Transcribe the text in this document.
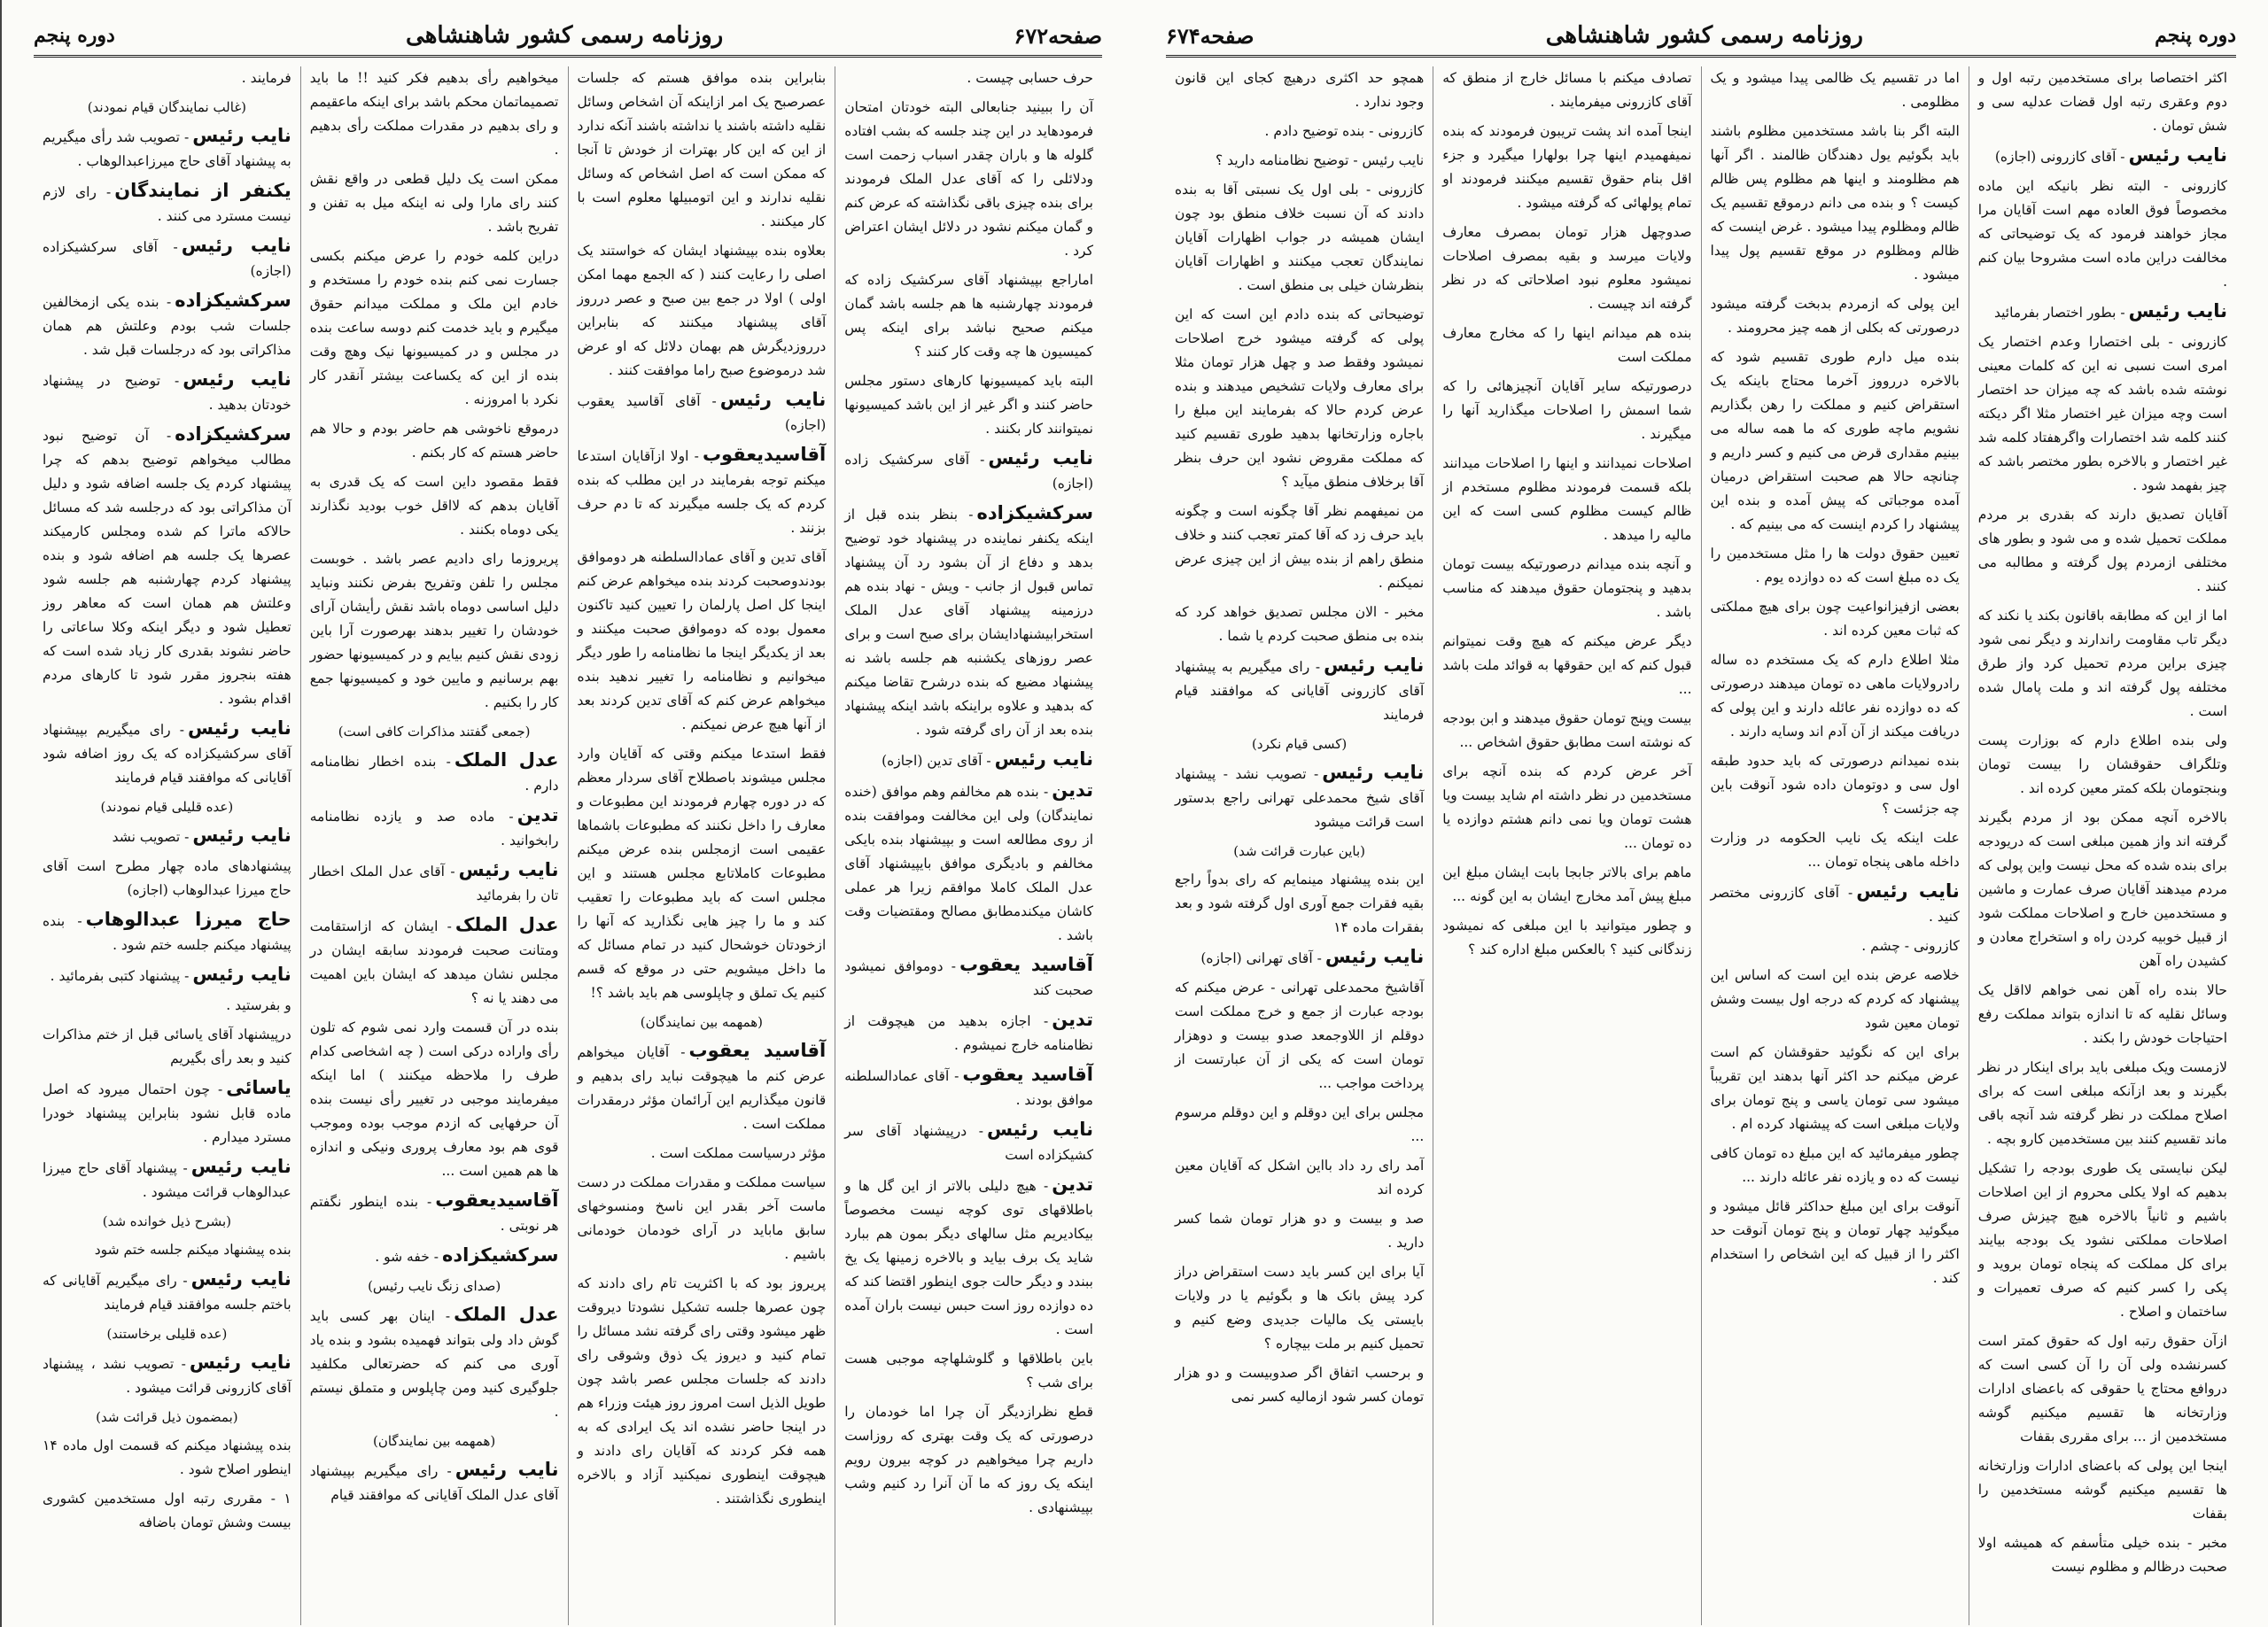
صفحه۶۷۲
روزنامه رسمی کشور شاهنشاهی
دوره پنجم

حرف حسابی چیست .

آن را ببینید جنابعالی البته خودتان امتحان فرمودهاید در این چند جلسه که بشب افتاده گلوله ها و باران چقدر اسباب زحمت است ودلائلی را که آقای عدل الملک فرمودند برای بنده چیزی باقی نگذاشته که عرض کنم و گمان میکنم نشود در دلائل ایشان اعتراض کرد .

اماراجع بپیشنهاد آقای سرکشیک زاده که فرمودند چهارشنبه ها هم جلسه باشد گمان میکنم صحیح نباشد برای اینکه پس کمیسیون ها چه وقت کار کنند ؟

البته باید کمیسیونها کارهای دستور مجلس حاضر کنند و اگر غیر از این باشد کمیسیونها نمیتوانند کار بکنند .

نایب رئیس- آقای سرکشیک زاده (اجازه)

سرکشیکزاده- بنظر بنده قبل از اینکه یکنفر نماینده در پیشنهاد خود توضیح بدهد و دفاع از آن بشود رد آن پیشنهاد تماس قبول از جانب - ویش - نهاد بنده هم درزمینه پیشنهاد آقای عدل الملک استخرابیشنهادایشان برای صبح است و برای عصر روزهای یکشنبه هم جلسه باشد نه پیشنهاد مضیع که بنده درشرح تقاضا میکنم که بدهید و علاوه براینکه باشد اینکه پیشنهاد بنده بعد از آن رای گرفته شود .

نایب رئیس- آقای تدین (اجازه)

تدین- بنده هم مخالفم وهم موافق (خنده نمایندگان) ولی این مخالفت وموافقت بنده از روی مطالعه است و بپیشنهاد بنده بایکی مخالفم و بادیگری موافق بایپیشنهاد آقای عدل الملک کاملا موافقم زیرا هر عملی کاشان میکندمطابق مصالح ومقتضیات وقت باشد .

آقاسید یعقوب- دوموافق نمیشود صحبت کند

تدین- اجازه بدهید من هیچوقت از نظامنامه خارج نمیشوم .

آقاسید یعقوب- آقای عمادالسلطنه موافق بودند .

نایب رئیس- درپیشنهاد آقای سر کشیکزاده است

تدین- هیچ دلیلی بالاتر از این گل ها و باطلاقهای توی کوچه نیست مخصوصاً بیکادیریم مثل سالهای دیگر بمون هم ببارد شاید یک برف بیاید و بالاخره زمینها یک یخ ببندد و دیگر حالت جوی اینطور اقتضا کند که ده دوازده روز است حبس نیست باران آمده است .

باین باطلاقها و گلوشلهاچه موجبی هست برای شب ؟

قطع نظرازدیگر آن چرا اما خودمان را درصورتی که یک وقت بهتری که روزاست داریم چرا میخواهیم در کوچه بیرون رویم اینکه یک روز که ما آن آنرا رد کنیم وشب بپیشنهادی .

بنابراین بنده موافق هستم که جلسات عصرصبح یک امر ازاینکه آن اشخاص وسائل نقلیه داشته باشند یا نداشته باشند آنکه ندارد از این که این کار بهترات از خودش تا آنجا که ممکن است که اصل اشخاص که وسائل نقلیه ندارند و این اتومبیلها معلوم است با کار میکنند .

بعلاوه بنده بپیشنهاد ایشان که خواستند یک اصلی را رعایت کنند ( که الجمع مهما امکن اولی ) اولا در جمع بین صبح و عصر درروز آقای پیشنهاد میکنند که بنابراین درروزدیگرش هم بهمان دلائل که او عرض شد درموضوع صبح راما موافقت کنند .

نایب رئیس- آقای آقاسید یعقوب (اجازه)

آقاسیدیعقوب- اولا ازآقایان استدعا میکنم توجه بفرمایند در این مطلب که بنده کردم که یک جلسه میگیرند که تا دم حرف بزنند .

آقای تدین و آقای عمادالسلطنه هر دوموافق بودندوصحبت کردند بنده میخواهم عرض کنم اینجا کل اصل پارلمان را تعیین کنید تاکنون معمول بوده که دوموافق صحبت میکنند و بعد از یکدیگر اینجا ما نظامنامه را طور دیگر میخوانیم و نظامنامه را تغییر ندهید بنده میخواهم عرض کنم که آقای تدین کردند بعد از آنها هیچ عرض نمیکنم .

فقط استدعا میکنم وقتی که آقایان وارد مجلس میشوند باصطلاح آقای سردار معظم که در دوره چهارم فرمودند این مطبوعات و معارف را داخل نکنند که مطبوعات باشماها عقیمی است ازمجلس بنده عرض میکنم مطبوعات کاملاتابع مجلس هستند و این مجلس است که باید مطبوعات را تعقیب کند و ما را چیز هایی نگذارید که آنها را ازخودتان خوشحال کنید در تمام مسائل که ما داخل میشویم حتی در موقع که قسم کنیم یک تملق و چاپلوسی هم باید باشد ؟!

(همهمه بین نمایندگان)

آقاسید یعقوب- آقایان میخواهم عرض کنم ما هیچوقت نباید رای بدهیم و قانون میگذاریم این آرائمان مؤثر درمقدرات مملکت است .

مؤثر درسیاست مملکت است .

سیاست مملکت و مقدرات مملکت در دست ماست آخر بقدر این ناسخ ومنسوخهای سابق مابايد در آرای خودمان خودمانی باشیم .

پریروز بود که با اکثریت تام رای دادند که چون عصرها جلسه تشکیل نشودتا دیروقت ظهر میشود وقتی رای گرفته نشد مسائل را تمام کنید و دیروز یک ذوق وشوقی رای دادند که جلسات مجلس عصر باشد چون طویل الذیل است امروز روز هیئت وزراء هم در اینجا حاضر نشده اند یک ایرادی که به همه فکر کردند که آقایان رای دادند و هیچوقت اینطوری نمیکنید آزاد و بالاخره اینطوری نگذاشتند .

میخواهیم رأی بدهیم فکر کنید !! ما باید تصمیماتمان محکم باشد برای اینکه ماعقیمم و رای بدهیم در مقدرات مملکت رأی بدهیم .

ممکن است یک دلیل قطعی در واقع نقش کنند رای مارا ولی نه اینکه میل به تفنن و تفریح باشد .

دراین کلمه خودم را عرض میکنم بکسی جسارت نمی کنم بنده خودم را مستخدم و خادم این ملک و مملکت میدانم حقوق میگیرم و باید خدمت کنم دوسه ساعت بنده در مجلس و در کمیسیونها نیک وهچ وقت بنده از این که یکساعت بیشتر آنقدر کار نکرد با امروزنه .

درموقع ناخوشی هم حاضر بودم و حالا هم حاضر هستم که کار بکنم .

فقط مقصود داین است که یک قدری به آقایان بدهم که لااقل خوب بودید نگذارند یکی دوماه بکنند .

پریروزما رای دادیم عصر باشد . خوبست مجلس را تلفن وتفریح بفرض نکنند ونباید دلیل اساسی دوماه باشد نقش رأیشان آرای خودشان را تغییر بدهند بهرصورت آرا باین زودی نقش کنیم بیایم و در کمیسیونها حضور بهم برسانیم و مایین خود و کمیسیونها جمع کار را بکنیم .

(جمعی گفتند مذاکرات کافی است)

عدل الملک- بنده اخطار نظامنامه دارم .

تدین- ماده صد و یازده نظامنامه رابخوانید .

نایب رئیس- آقای عدل الملک اخطار تان را بفرمائید

عدل الملک- ایشان که ازاستقامت ومتانت صحبت فرمودند سابقه ایشان در مجلس نشان میدهد که ایشان باین اهمیت می دهند یا نه ؟

بنده در آن قسمت وارد نمی شوم که تلون رأی واراده درکی است ( چه اشخاصی کدام طرف را ملاحظه میکنند ) اما اینکه میفرمایند موجبی در تغییر رأی نیست بنده آن حرفهایی که ازدم موجب بوده وموجب قوی هم بود معارف پروری ونیکی و اندازه ها هم همین است ...

آقاسیدیعقوب- بنده اینطور نگفتم هر نوبتی .

سرکشیکزاده- خفه شو .

(صدای زنگ نایب رئیس)

عدل الملک- اینان بهر کسی باید گوش داد ولی بتواند فهمیده بشود و بنده یاد آوری می کنم که حضرتعالی مکلفید جلوگیری کنید ومن چاپلوس و متملق نیستم .

(همهمه بین نمایندگان)

نایب رئیس- رای میگیریم بپیشنهاد آقای عدل الملک آقایانی که موافقند قیام

فرمایند .

(غالب نمایندگان قیام نمودند)

نایب رئیس- تصویب شد رأی میگیریم به پیشنهاد آقای حاج میرزاعبدالوهاب .

یکنفر از نمایندگان- رای لازم نیست مسترد می کنند .

نایب رئیس- آقای سرکشیکزاده (اجازه)

سرکشیکزاده- بنده یکی ازمخالفین جلسات شب بودم وعلتش هم همان مذاکراتی بود که درجلسات قبل شد .

نایب رئیس- توضیح در پیشنهاد خودتان بدهید .

سرکشیکزاده- آن توضیح نبود مطالب میخواهم توضیح بدهم که چرا پیشنهاد کردم یک جلسه اضافه شود و دلیل آن مذاکراتی بود که درجلسه شد که مسائل حالاکه ماترا کم شده ومجلس کارمیکند عصرها یک جلسه هم اضافه شود و بنده پیشنهاد کردم چهارشنبه هم جلسه شود وعلتش هم همان است که معاهر روز تعطیل شود و دیگر اینکه وکلا ساعاتی را حاضر نشوند بقدری کار زیاد شده است که هفته بنجروز مقرر شود تا کارهای مردم اقدام بشود .

نایب رئیس- رای میگیریم بپیشنهاد آقای سرکشیکزاده که یک روز اضافه شود آقایانی که موافقند قیام فرمایند

(عده قلیلی قیام نمودند)

نایب رئیس- تصویب نشد

پیشنهادهای ماده چهار مطرح است آقای حاج میرزا عبدالوهاب (اجازه)

حاج میرزا عبدالوهاب- بنده پیشنهاد میکنم جلسه ختم شود .

نایب رئیس- پیشنهاد کتبی بفرمائید .

و بفرستید .

درپیشنهاد آقای یاسائی قبل از ختم مذاکرات کنید و بعد رأی بگیریم

یاسائی- چون احتمال میرود که اصل ماده قابل نشود بنابراین پیشنهاد خودرا مسترد میدارم .

نایب رئیس- پیشنهاد آقای حاج میرزا عبدالوهاب قرائت میشود .

(بشرح ذیل خوانده شد)

بنده پیشنهاد میکنم جلسه ختم شود

نایب رئیس- رای میگیریم آقایانی که باختم جلسه موافقند قیام فرمایند

(عده قلیلی برخاستند)

نایب رئیس- تصویب نشد ، پیشنهاد آقای کازرونی قرائت میشود .

(بمضمون ذیل قرائت شد)

بنده پیشنهاد میکنم که قسمت اول ماده ۱۴ اینطور اصلاح شود .

۱ - مقرری رتبه اول مستخدمین کشوری بیست وشش تومان باضافه

دوره پنجم
روزنامه رسمی کشور شاهنشاهی
صفحه۶۷۴

اکثر اختصاصا برای مستخدمین رتبه اول و دوم وعقری رتبه اول قضات عدلیه سی و شش تومان .

نایب رئیس- آقای کازرونی (اجازه)

کازرونی - البته نظر بانیکه این ماده مخصوصاً فوق العاده مهم است آقایان مرا مجاز خواهند فرمود که یک توضیحاتی که مخالفت دراین ماده است مشروحا بیان کنم .

نایب رئیس- بطور اختصار بفرمائید

کازرونی - بلی اختصارا وعدم اختصار یک امری است نسبی نه این که کلمات معینی نوشته شده باشد که چه میزان حد اختصار است وچه میزان غیر اختصار مثلا اگر دیکته کنند کلمه شد اختصارات واگرهفتاد کلمه شد غیر اختصار و بالاخره بطور مختصر باشد که چیز بفهمد شود .

آقایان تصدیق دارند که بقدری بر مردم مملکت تحمیل شده و می شود و بطور های مختلفی ازمردم پول گرفته و مطالبه می کنند .

اما از این که مطابقه باقانون بکند یا نکند که دیگر تاب مقاومت راندارند و دیگر نمی شود چیزی براین مردم تحمیل کرد واز طرق مختلفه پول گرفته اند و ملت پامال شده است .

ولی بنده اطلاع دارم که بوزارت پست وتلگراف حقوقشان را بیست تومان وبنجتومان بلکه کمتر معین کرده اند .

بالاخره آنچه ممکن بود از مردم بگیرند گرفته اند واز همین مبلغی است که دریودجه برای بنده شده که محل نیست واین پولی که مردم میدهند آقایان صرف عمارت و ماشین و مستخدمین خارج و اصلاحات مملکت شود از قبیل خوبیه کردن راه و استخراج معادن و کشیدن راه آهن

حالا بنده راه آهن نمی خواهم لااقل یک وسائل نقلیه که تا اندازه بتواند مملکت رفع احتیاجات خودش را بکند .

لازمست ویک مبلغی باید برای اینکار در نظر بگیرند و بعد ازآنکه مبلغی است که برای اصلاح مملکت در نظر گرفته شد آنچه باقی ماند تقسیم کنند بین مستخدمین کارو بچه .

لیکن نبایستی یک طوری بودجه را تشکیل بدهیم که اولا یکلی محروم از این اصلاحات باشیم و ثانیاً بالاخره هیچ چیزش صرف اصلاحات مملکتی نشود یک بودجه بیایند برای کل مملکت که پنجاه تومان بروید و پکی را کسر کنیم که صرف تعمیرات و ساختمان و اصلاح .

ازآن حقوق رتبه اول که حقوق کمتر است کسرنشده ولی آن را آن کسی است که دروافع محتاج یا حقوقی که باعضای ادارات وزارتخانه ها تقسیم میکنیم گوشه مستخدمین از ... برای مقرری بقفات

اینجا این پولی که باعضای ادارات وزارتخانه ها تقسیم میکنیم گوشه مستخدمین را بقفات

مخبر - بنده خیلی متأسفم که همیشه اولا صحبت درظالم و مظلوم نیست

اما در تقسیم یک ظالمی پیدا میشود و یک مظلومی .

البته اگر بنا باشد مستخدمین مظلوم باشند باید بگوئیم یول دهندگان ظالمند . اگر آنها هم مظلومند و اینها هم مظلوم پس ظالم کیست ؟ و بنده می دانم درموقع تقسیم یک ظالم ومظلوم پیدا میشود . غرض اینست که ظالم ومظلوم در موقع تقسیم پول پیدا میشود .

این پولی که ازمردم بدبخت گرفته میشود درصورتی که بکلی از همه چیز محرومند .

بنده میل دارم طوری تقسیم شود که بالاخره دررووز آخرما محتاج باینکه یک استقراض کنیم و مملکت را رهن بگذاریم نشویم ماچه طوری که ما همه ساله می بینیم مقداری قرض می کنیم و کسر داریم و چنانچه حالا هم صحبت استقراض درمیان آمده موجباتی که پیش آمده و بنده این پیشنهاد را کردم اینست که می بینیم که .

تعیین حقوق دولت ها را مثل مستخدمین را یک ده مبلغ است که ده دوازده یوم .

بعضی ازفیزانواعیت چون برای هیچ مملکتی که ثبات معین کرده اند .

مثلا اطلاع دارم که یک مستخدم ده ساله رادرولایات ماهی ده تومان میدهند درصورتی که ده دوازده نفر عائله دارند و این پولی که دریافت میکند از آن آدم اند وسایه دارند .

بنده نمیدانم درصورتی که باید حدود طبقه اول سی و دوتومان داده شود آنوقت باین چه جزئست ؟

علت اینکه یک نایب الحکومه در وزارت داخله ماهی پنجاه تومان ...

نایب رئیس- آقای کازرونی مختصر کنید .

کازرونی - چشم .

خلاصه عرض بنده این است که اساس این پیشنهاد که کردم که درجه اول بیست وشش تومان معین شود

برای این که نگوئید حقوقشان کم است عرض میکنم حد اکثر آنها بدهند این تقریباً میشود سی تومان یاسی و پنج تومان برای ولایات مبلغی است که پیشنهاد کرده ام .

چطور میفرمائید که این مبلغ ده تومان کافی نیست که ده و یازده نفر عائله دارند ...

آنوقت برای این مبلغ حداکثر قائل میشود و میگوئید چهار تومان و پنج تومان آنوقت حد اکثر را از قبیل که این اشخاص را استخدام کند .

تصادف میکنم با مسائل خارج از منطق که آقای کازرونی میفرمایند .

اینجا آمده اند پشت تریبون فرمودند که بنده نمیفهمیدم اینها چرا بولهارا میگیرد و جزء اقل بنام حقوق تقسیم میکنند فرمودند او تمام پولهائی که گرفته میشود .

صدوچهل هزار تومان بمصرف معارف ولایات میرسد و بقیه بمصرف اصلاحات نمیشود معلوم نبود اصلاحاتی که در نظر گرفته اند چیست .

بنده هم میدانم اینها را که مخارج معارف مملکت است

درصورتیکه سایر آقایان آنچیزهائی را که شما اسمش را اصلاحات میگذارید آنها را میگیرند .

اصلاحات نمیدانند و اینها را اصلاحات میدانند بلکه قسمت فرمودند مظلوم مستخدم از ظالم کیست مظلوم کسی است که این مالیه را میدهد .

و آنچه بنده میدانم درصورتیکه بیست تومان بدهید و پنجتومان حقوق میدهند که مناسب باشد .

دیگر عرض میکنم که هیچ وقت نمیتوانم قبول کنم که این حقوقها به قوائد ملت باشد ...

بیست وپنج تومان حقوق میدهند و ابن بودجه که نوشته است مطابق حقوق اشخاص ...

آخر عرض کردم که بنده آنچه برای مستخدمین در نظر داشته ام شاید بیست ویا هشت تومان ویا نمی دانم هشتم دوازده یا ده تومان ...

ماهم برای بالاتر جابجا بابت ایشان مبلغ این مبلغ پیش آمد مخارج ایشان به این گونه ...

و چطور میتوانید با این مبلغی که نمیشود زندگانی کنید ؟ بالعکس مبلغ اداره کند ؟

همچو حد اکثری درهیچ کجای این قانون وجود ندارد .

کازرونی - بنده توضیح دادم .

نایب رئیس - توضیح نظامنامه دارید ؟

کازرونی - بلی اول یک نسبتی آقا به بنده دادند که آن نسبت خلاف منطق بود چون ایشان همیشه در جواب اظهارات آقایان نمایندگان تعجب میکنند و اظهارات آقایان بنظرشان خیلی بی منطق است .

توضیحاتی که بنده دادم این است که این پولی که گرفته میشود خرج اصلاحات نمیشود وفقط صد و چهل هزار تومان مثلا برای معارف ولایات تشخیص میدهند و بنده عرض کردم حالا که بفرمایند این مبلغ را باجاره وزارتخانها بدهید طوری تقسیم کنید که مملکت مقروض نشود این حرف بنظر آقا برخلاف منطق میآید ؟

من نمیفهمم نظر آقا چگونه است و چگونه باید حرف زد که آقا کمتر تعجب کنند و خلاف منطق راهم از بنده بیش از این چیزی عرض نمیکنم .

مخبر - الان مجلس تصدیق خواهد کرد که بنده بی منطق صحبت کردم یا شما .

نایب رئیس- رای میگیریم به پیشنهاد آقای کازرونی آقایانی که موافقند قیام فرمایند

(کسی قیام نکرد)

نایب رئیس- تصویب نشد - پیشنهاد آقای شیخ محمدعلی تهرانی راجع بدستور است قرائت میشود

(باین عبارت قرائت شد)

این بنده پیشنهاد مینمایم که رای بدواً راجع بقیه فقرات جمع آوری اول گرفته شود و بعد بفقرات ماده ۱۴

نایب رئیس- آقای تهرانی (اجازه)

آقاشیخ محمدعلی تهرانی - عرض میکنم که بودجه عبارت از جمع و خرج مملکت است دوقلم از اللاوجمعد صدو بیست و دوهزار تومان است که یکی از آن عبارتست از پرداخت مواجب ...

مجلس برای این دوقلم و این دوقلم مرسوم ...

آمد رای رد داد بااین اشکل که آقایان معین کرده اند

صد و بیست و دو هزار تومان شما کسر دارید .

آیا برای این کسر باید دست استقراض دراز کرد پیش بانک ها و بگوئیم یا در ولایات بایستی یک مالیات جدیدی وضع کنیم و تحمیل کنیم بر ملت بیچاره ؟

و برحسب اتفاق اگر صدوبیست و دو هزار تومان کسر شود ازمالیه کسر نمی
